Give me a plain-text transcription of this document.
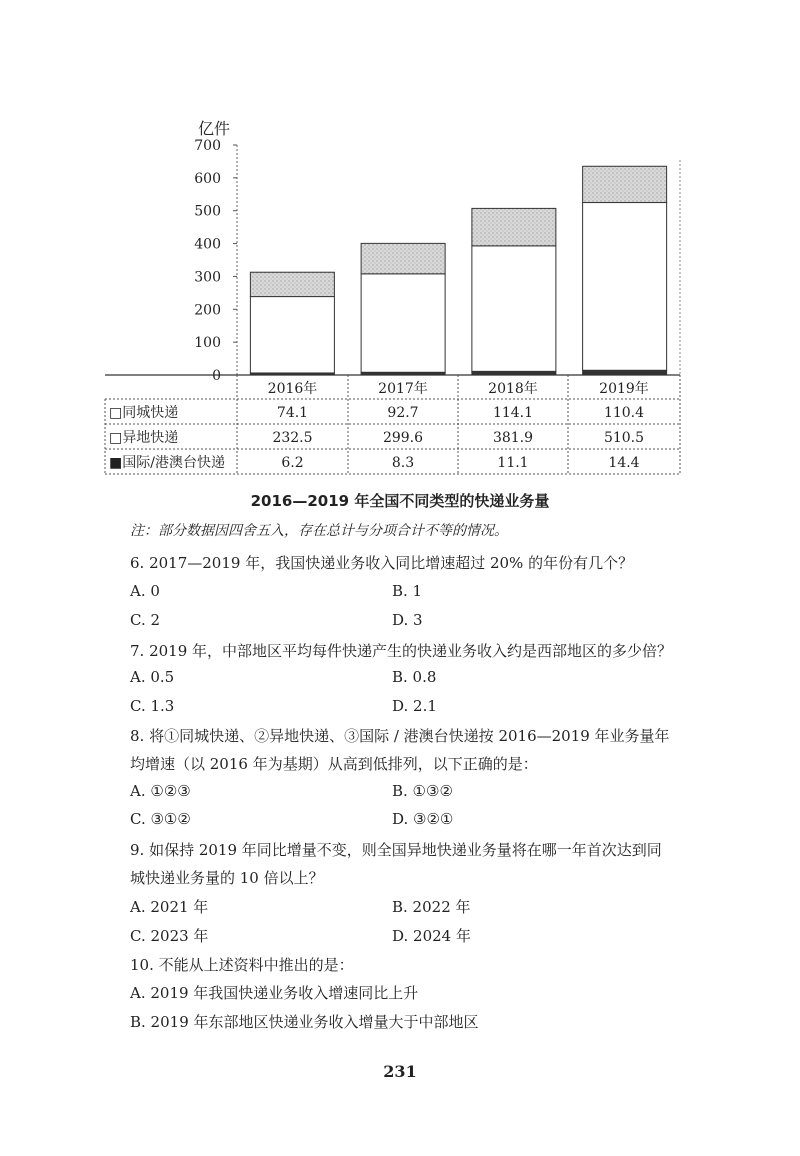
亿件
0
100
200
300
400
500
600
700
2016年	2017年	2018年	2019年
□同城快递	74.1	92.7	114.1	110.4
□异地快递	232.5	299.6	381.9	510.5
■国际/港澳台快递	6.2	8.3	11.1	14.4
2016—2019 年全国不同类型的快递业务量
注：部分数据因四舍五入，存在总计与分项合计不等的情况。
6. 2017—2019 年，我国快递业务收入同比增速超过 20% 的年份有几个？
A. 0	B. 1
C. 2	D. 3
7. 2019 年，中部地区平均每件快递产生的快递业务收入约是西部地区的多少倍？
A. 0.5	B. 0.8
C. 1.3	D. 2.1
8. 将①同城快递、②异地快递、③国际 / 港澳台快递按 2016—2019 年业务量年
均增速（以 2016 年为基期）从高到低排列，以下正确的是：
A. ①②③	B. ①③②
C. ③①②	D. ③②①
9. 如保持 2019 年同比增量不变，则全国异地快递业务量将在哪一年首次达到同
城快递业务量的 10 倍以上？
A. 2021 年	B. 2022 年
C. 2023 年	D. 2024 年
10. 不能从上述资料中推出的是：
A. 2019 年我国快递业务收入增速同比上升
B. 2019 年东部地区快递业务收入增量大于中部地区
231
